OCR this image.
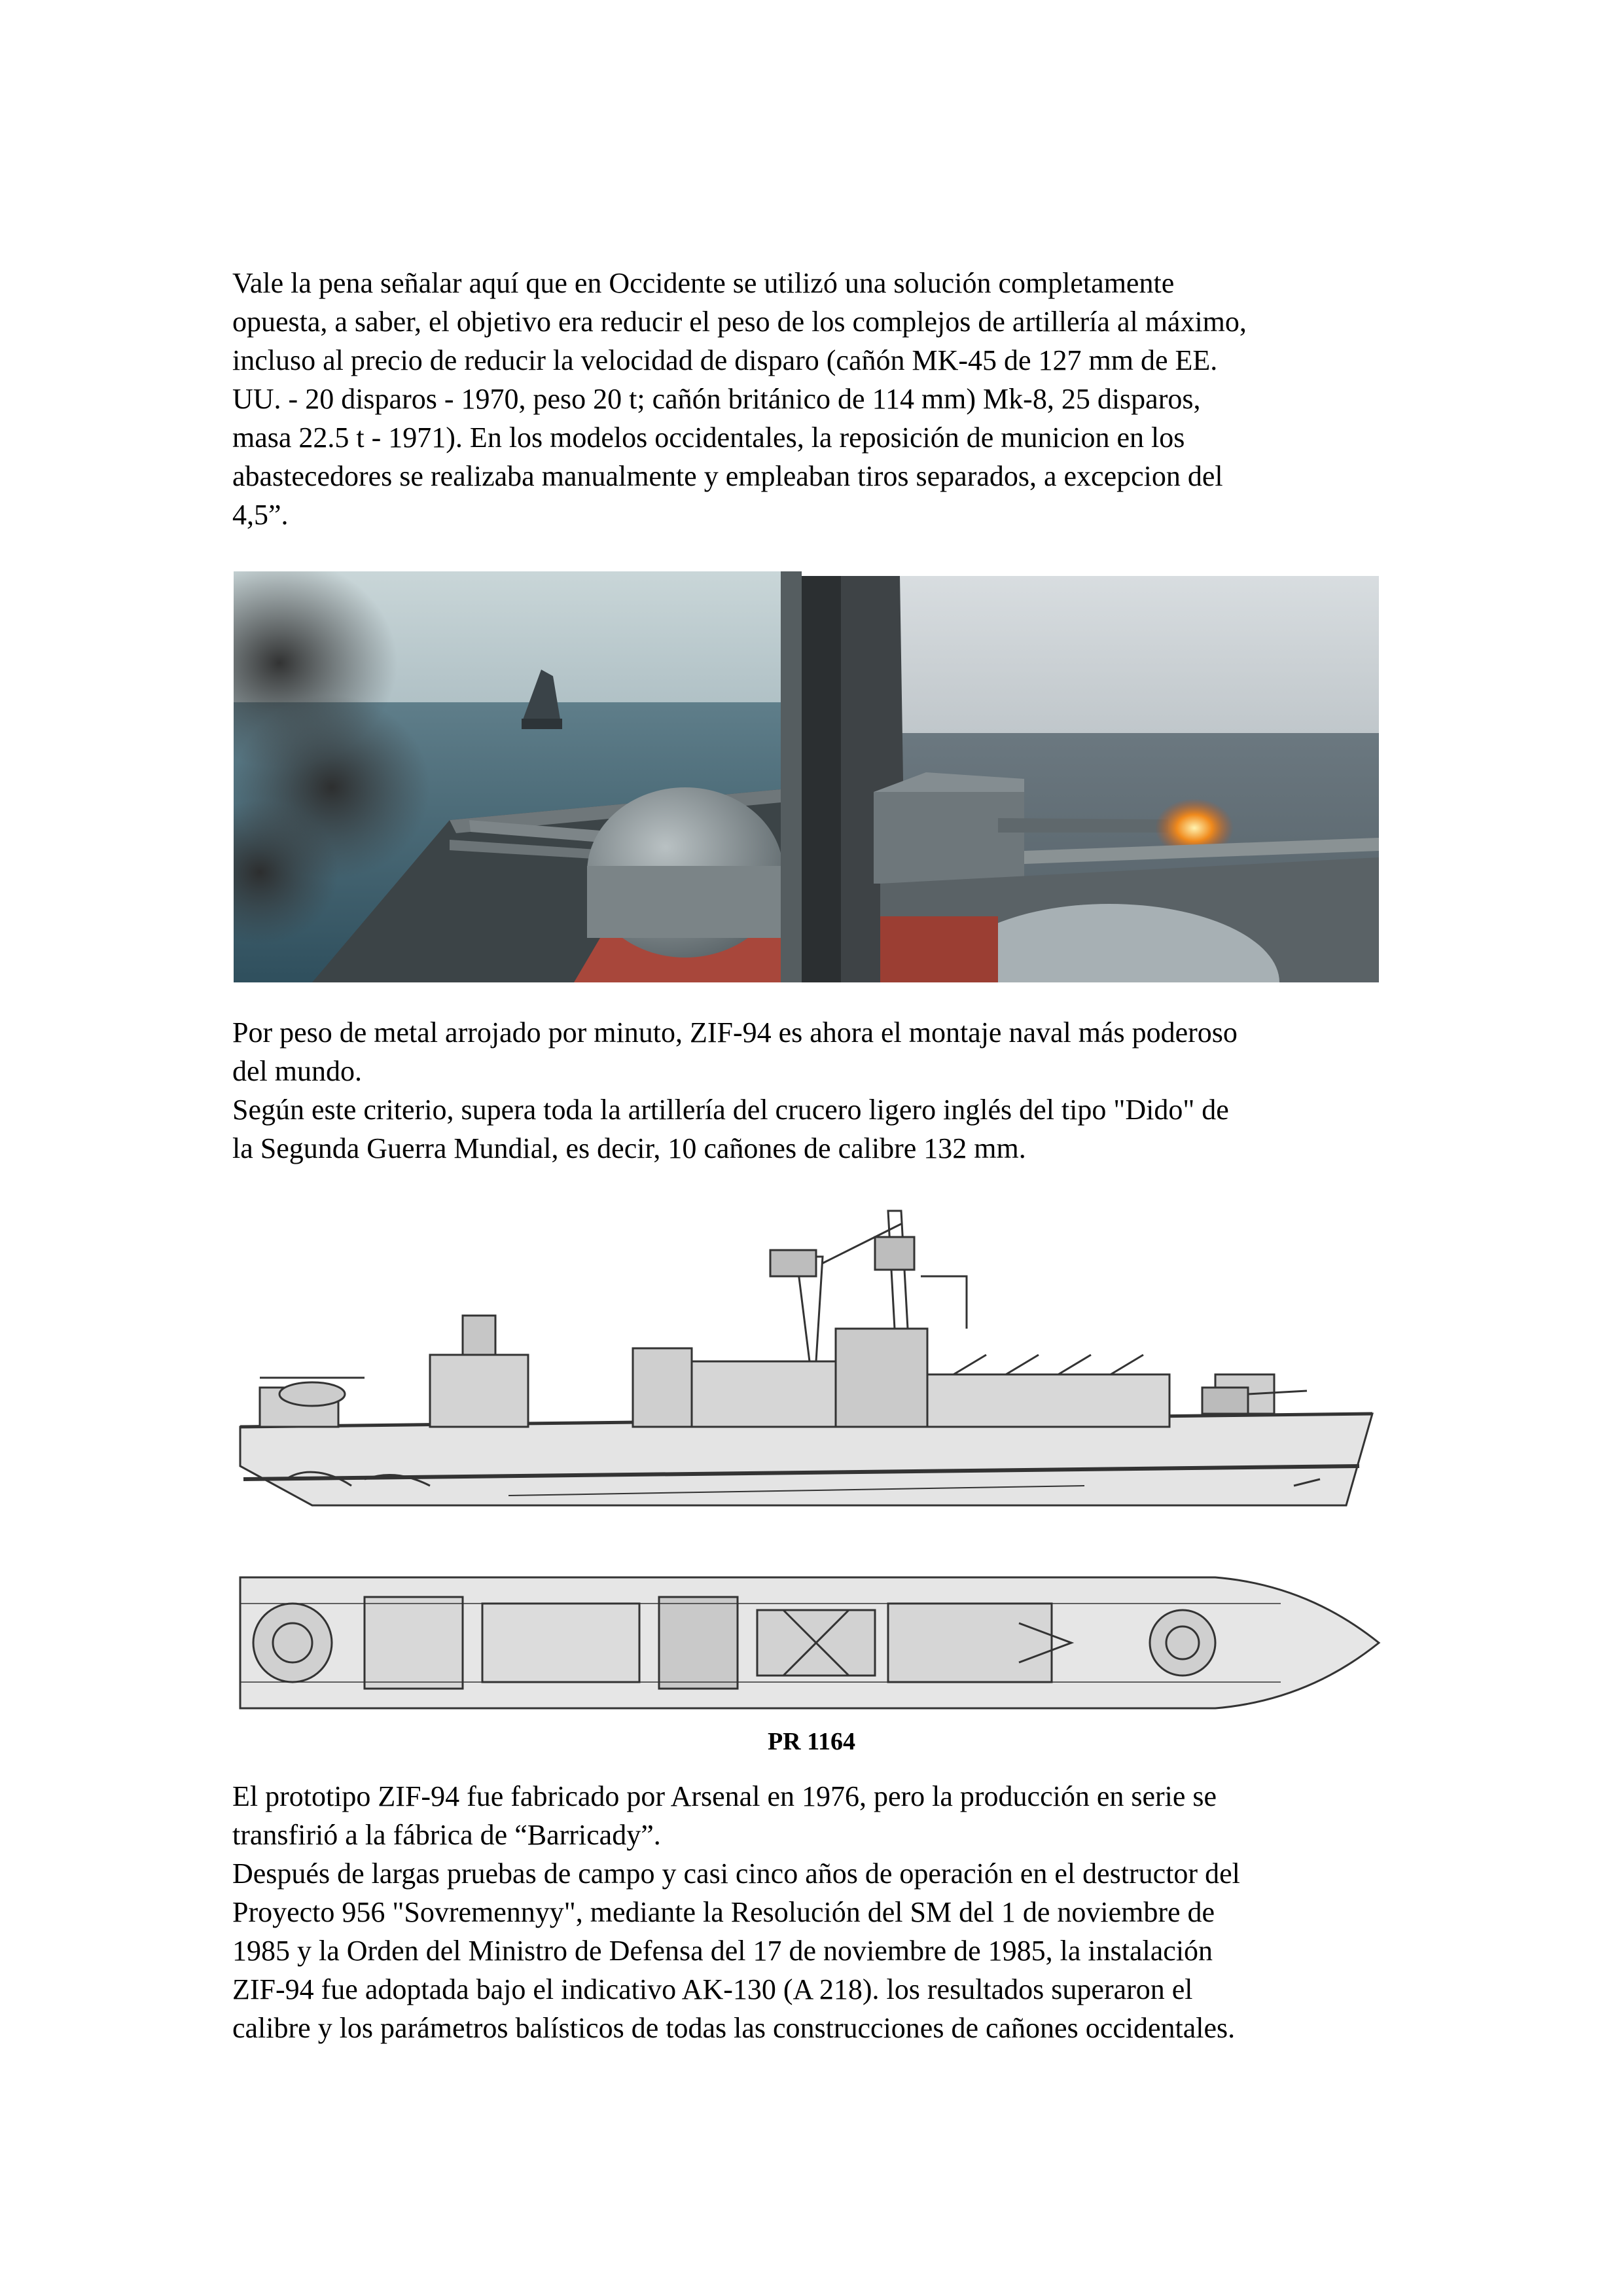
Vale la pena señalar aquí que en Occidente se utilizó una solución completamente
opuesta, a saber, el objetivo era reducir el peso de los complejos de artillería al máximo,
incluso al precio de reducir la velocidad de disparo (cañón MK-45 de 127 mm de EE.
UU. - 20 disparos - 1970, peso 20 t; cañón británico de 114 mm) Mk-8, 25 disparos,
masa 22.5 t - 1971). En los modelos occidentales, la reposición de municion en los
abastecedores se realizaba manualmente y empleaban tiros separados, a excepcion del
4,5”.

Por peso de metal arrojado por minuto, ZIF-94 es ahora el montaje naval más poderoso
del mundo.
Según este criterio, supera toda la artillería del crucero ligero inglés del tipo "Dido" de
la Segunda Guerra Mundial, es decir, 10 cañones de calibre 132 mm.

PR 1164

El prototipo ZIF-94 fue fabricado por Arsenal en 1976, pero la producción en serie se
transfirió a la fábrica de “Barricady”.
Después de largas pruebas de campo y casi cinco años de operación en el destructor del
Proyecto 956 "Sovremennyy", mediante la Resolución del SM del 1 de noviembre de
1985 y la Orden del Ministro de Defensa del 17 de noviembre de 1985, la instalación
ZIF-94 fue adoptada bajo el indicativo AK-130 (A 218). los resultados superaron el
calibre y los parámetros balísticos de todas las construcciones de cañones occidentales.
